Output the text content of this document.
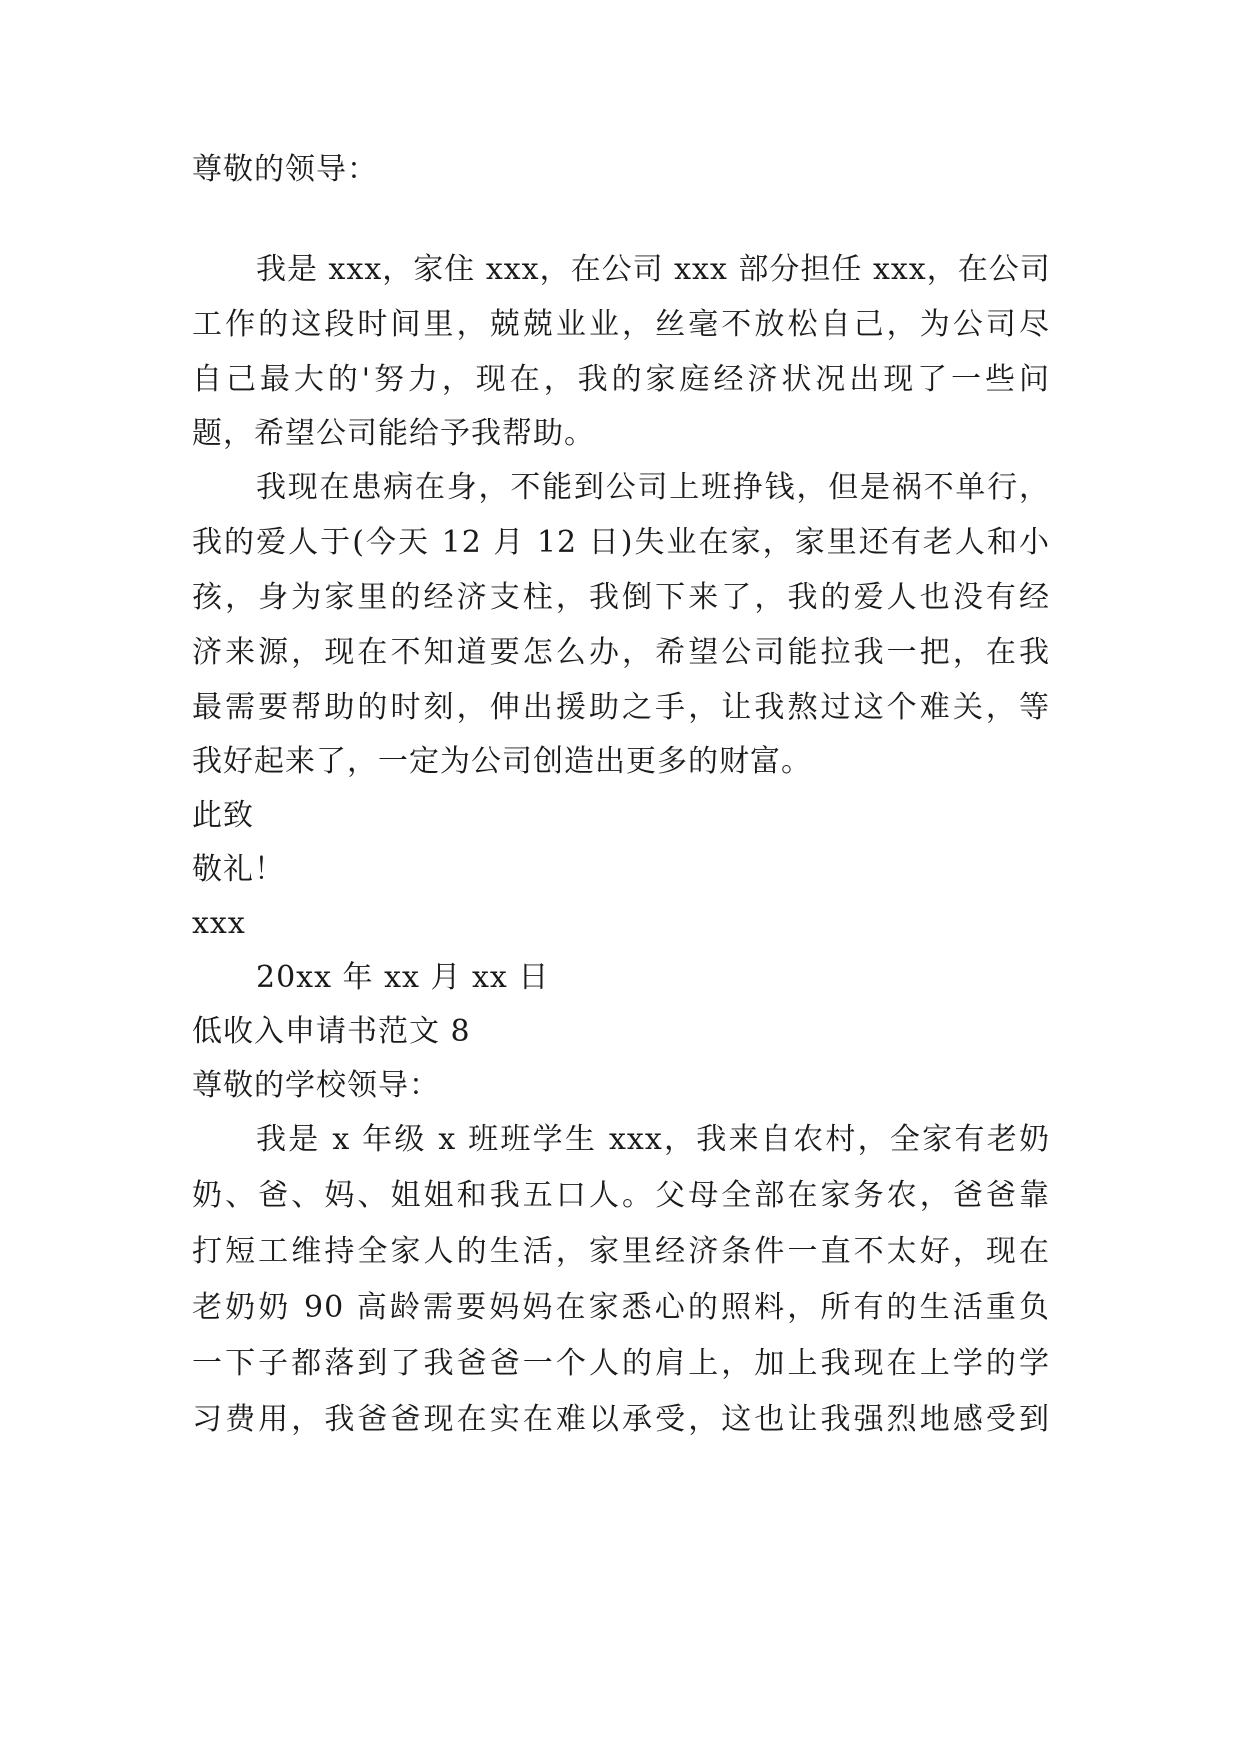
尊敬的领导：
我是 xxx，家住 xxx，在公司 xxx 部分担任 xxx，在公司
工作的这段时间里，兢兢业业，丝毫不放松自己，为公司尽
自己最大的'努力，现在，我的家庭经济状况出现了一些问
题，希望公司能给予我帮助。
我现在患病在身，不能到公司上班挣钱，但是祸不单行，
我的爱人于(今天 12 月 12 日)失业在家，家里还有老人和小
孩，身为家里的经济支柱，我倒下来了，我的爱人也没有经
济来源，现在不知道要怎么办，希望公司能拉我一把，在我
最需要帮助的时刻，伸出援助之手，让我熬过这个难关，等
我好起来了，一定为公司创造出更多的财富。
此致
敬礼！
xxx
20xx 年 xx 月 xx 日
低收入申请书范文 8
尊敬的学校领导：
我是 x 年级 x 班班学生 xxx，我来自农村，全家有老奶
奶、爸、妈、姐姐和我五口人。父母全部在家务农，爸爸靠
打短工维持全家人的生活，家里经济条件一直不太好，现在
老奶奶 90 高龄需要妈妈在家悉心的照料，所有的生活重负
一下子都落到了我爸爸一个人的肩上，加上我现在上学的学
习费用，我爸爸现在实在难以承受，这也让我强烈地感受到
